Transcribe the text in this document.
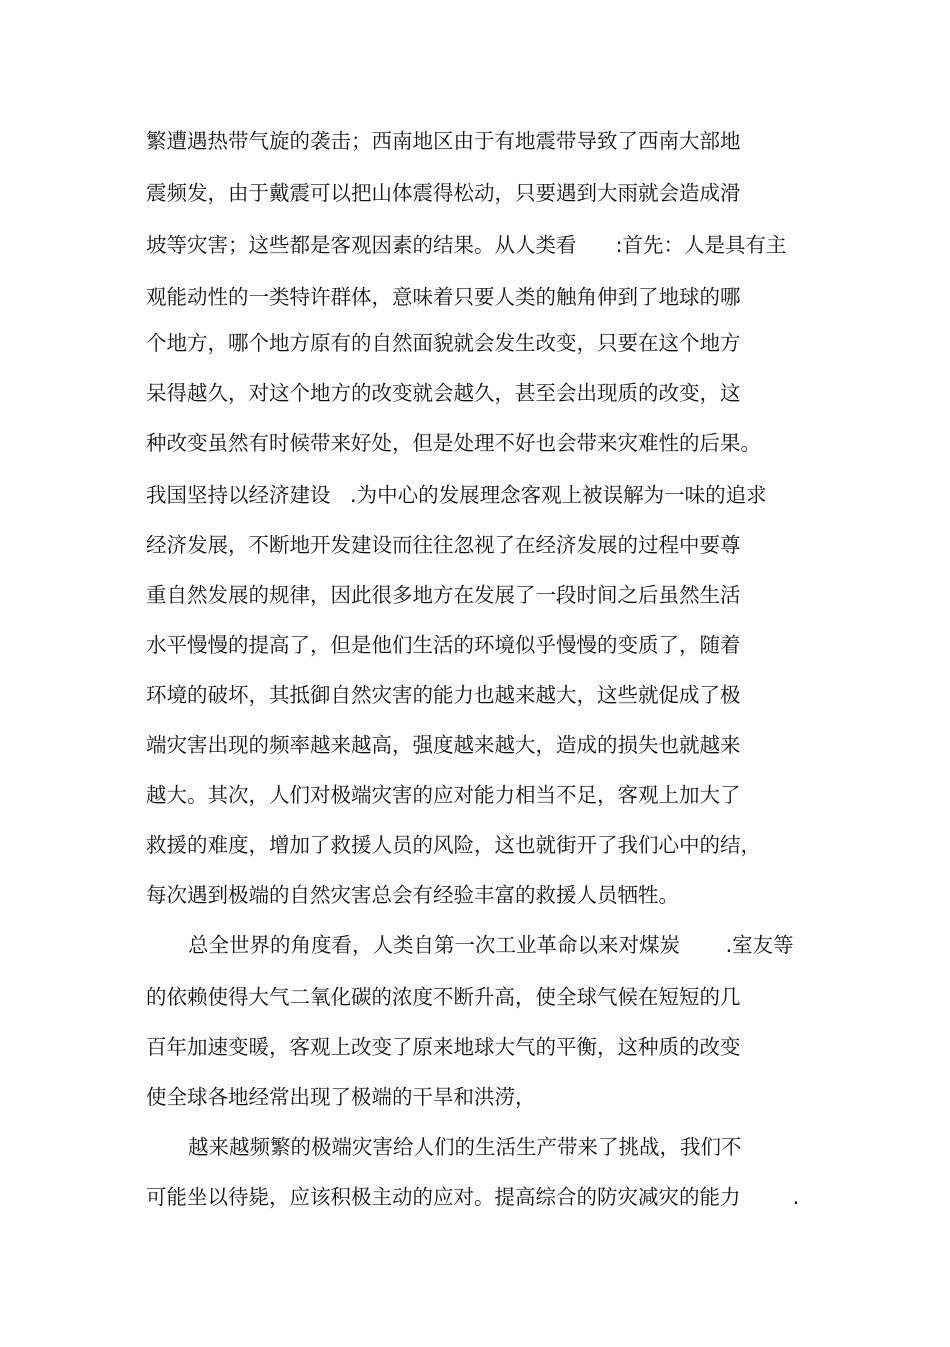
繁遭遇热带气旋的袭击；西南地区由于有地震带导致了西南大部地
震频发，由于戴震可以把山体震得松动，只要遇到大雨就会造成滑
坡等灾害；这些都是客观因素的结果。从人类看      :首先：人是具有主
观能动性的一类特许群体，意味着只要人类的触角伸到了地球的哪
个地方，哪个地方原有的自然面貌就会发生改变，只要在这个地方
呆得越久，对这个地方的改变就会越久，甚至会出现质的改变，这
种改变虽然有时候带来好处，但是处理不好也会带来灾难性的后果。
我国坚持以经济建设   .为中心的发展理念客观上被误解为一味的追求
经济发展，不断地开发建设而往往忽视了在经济发展的过程中要尊
重自然发展的规律，因此很多地方在发展了一段时间之后虽然生活
水平慢慢的提高了，但是他们生活的环境似乎慢慢的变质了，随着
环境的破坏，其抵御自然灾害的能力也越来越大，这些就促成了极
端灾害出现的频率越来越高，强度越来越大，造成的损失也就越来
越大。其次，人们对极端灾害的应对能力相当不足，客观上加大了
救援的难度，增加了救援人员的风险，这也就街开了我们心中的结，
每次遇到极端的自然灾害总会有经验丰富的救援人员牺牲。
总全世界的角度看，人类自第一次工业革命以来对煤炭       .室友等
的依赖使得大气二氧化碳的浓度不断升高，使全球气候在短短的几
百年加速变暖，客观上改变了原来地球大气的平衡，这种质的改变
使全球各地经常出现了极端的干旱和洪涝，
越来越频繁的极端灾害给人们的生活生产带来了挑战，我们不
可能坐以待毙，应该积极主动的应对。提高综合的防灾减灾的能力        .
